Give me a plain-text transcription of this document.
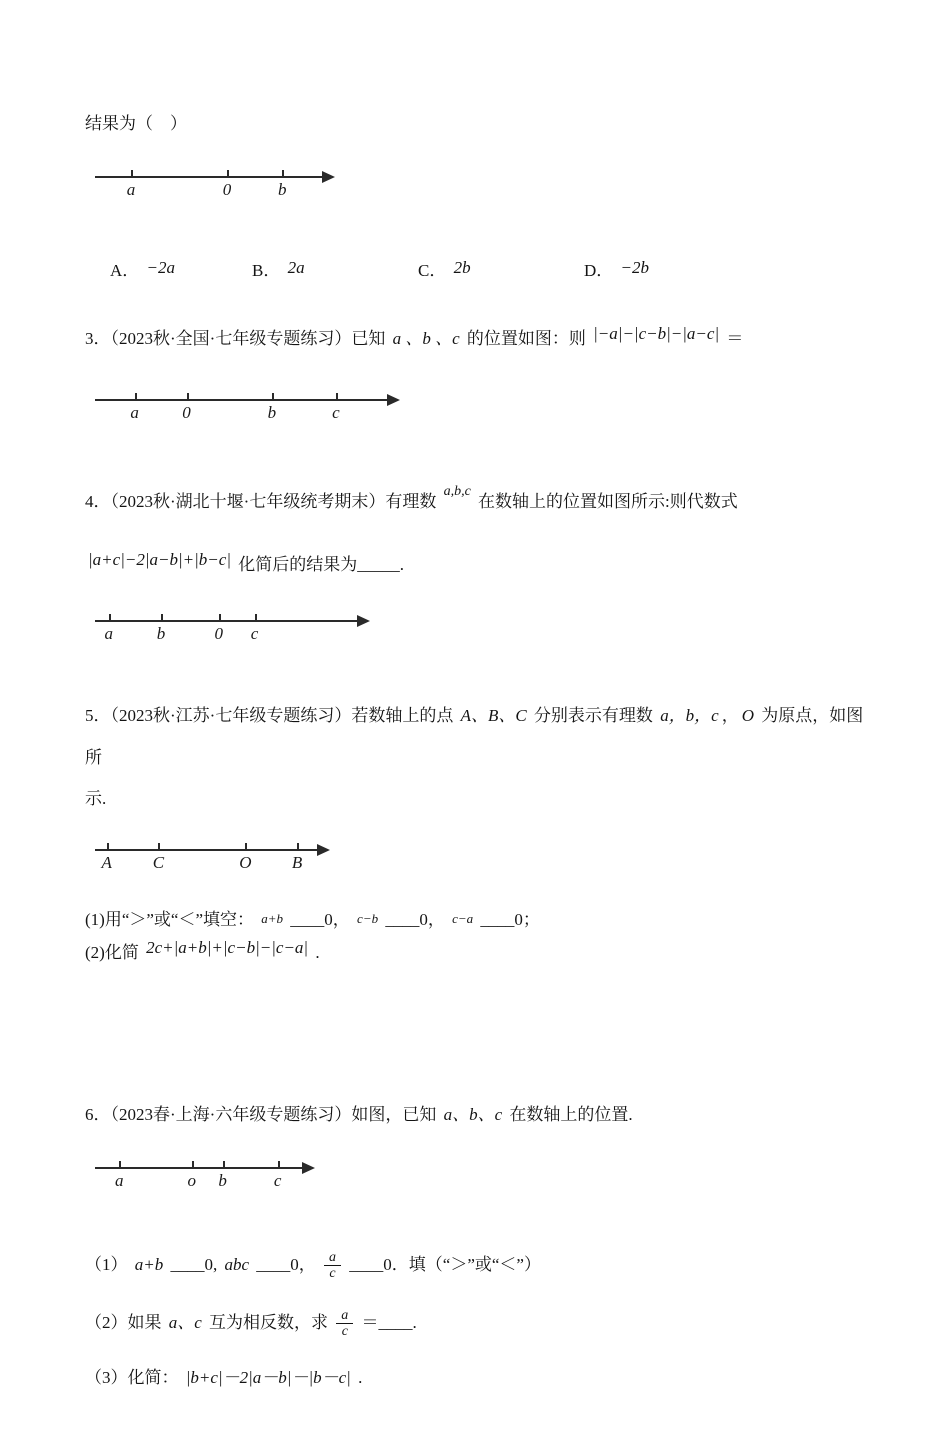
结果为（　）

a	0	b
A． −2a	B． 2a	C． 2b	D． −2b

3．（2023秋·全国·七年级专题练习）已知 a 、b 、c 的位置如图：则 |−a|−|c−b|−|a−c| ＝

a	0	b	c

4．（2023秋·湖北十堰·七年级统考期末）有理数 $^{a,b,c}$ 在数轴上的位置如图所示:则代数式

|a+c|−2|a−b|+|b−c| 化简后的结果为_____.

a	b	0 c

5．（2023秋·江苏·七年级专题练习）若数轴上的点 A、B、C 分别表示有理数 a，b，c ， O 为原点，如图所
示.

A C	O B

(1)用“＞”或“＜”填空： a+b ____0， c−b ____0， c−a ____0；

(2)化简 2c+|a+b|+|c−b|−|c−a| .

6．（2023春·上海·六年级专题练习）如图，已知 a、b、c 在数轴上的位置.

a	o b	c

（1） a+b ____0, abc ____0， $\frac{a}{c}$ ____0．填（“＞”或“＜”）

（2）如果 a、c 互为相反数，求 $\frac{a}{c}$ ＝____.

（3）化简： |b+c|－2|a－b|－|b－c| .
